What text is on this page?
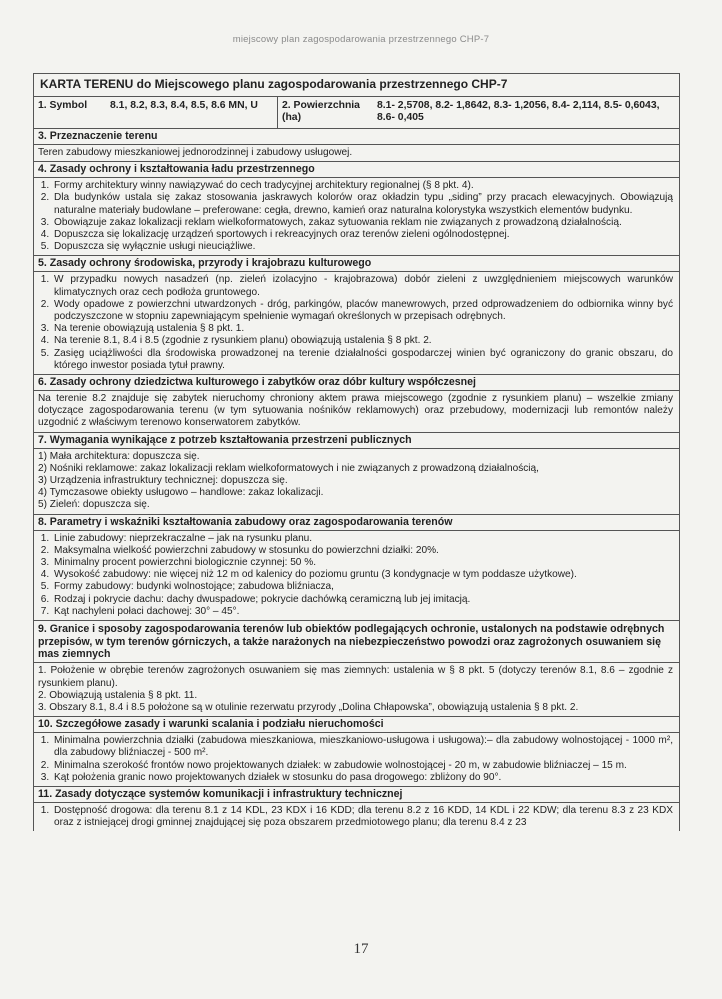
miejscowy plan zagospodarowania przestrzennego CHP-7
KARTA TERENU do Miejscowego planu zagospodarowania przestrzennego CHP-7
1. Symbol	8.1, 8.2, 8.3, 8.4, 8.5, 8.6 MN, U	2. Powierzchnia (ha)
8.1- 2,5708, 8.2- 1,8642, 8.3- 1,2056, 8.4- 2,114, 8.5- 0,6043, 8.6- 0,405
3. Przeznaczenie terenu
Teren zabudowy mieszkaniowej jednorodzinnej i zabudowy usługowej.
4. Zasady ochrony i kształtowania ładu przestrzennego
1. Formy architektury winny nawiązywać do cech tradycyjnej architektury regionalnej (§ 8 pkt. 4).
2. Dla budynków ustala się zakaz stosowania jaskrawych kolorów oraz okładzin typu „siding” przy pracach elewacyjnych. Obowiązują naturalne materiały budowlane – preferowane: cegła, drewno, kamień oraz naturalna kolorystyka wszystkich elementów budynku.
3. Obowiązuje zakaz lokalizacji reklam wielkoformatowych, zakaz sytuowania reklam nie związanych z prowadzoną działalnością.
4. Dopuszcza się lokalizację urządzeń sportowych i rekreacyjnych oraz terenów zieleni ogólnodostępnej.
5. Dopuszcza się wyłącznie usługi nieuciążliwe.
5. Zasady ochrony środowiska, przyrody i krajobrazu kulturowego
1. W przypadku nowych nasadzeń (np. zieleń izolacyjno - krajobrazowa) dobór zieleni z uwzględnieniem miejscowych warunków klimatycznych oraz cech podłoża gruntowego.
2. Wody opadowe z powierzchni utwardzonych - dróg, parkingów, placów manewrowych, przed odprowadzeniem do odbiornika winny być podczyszczone w stopniu zapewniającym spełnienie wymagań określonych w przepisach odrębnych.
3. Na terenie obowiązują ustalenia § 8 pkt. 1.
4. Na terenie 8.1, 8.4 i 8.5 (zgodnie z rysunkiem planu) obowiązują ustalenia § 8 pkt. 2.
5. Zasięg uciążliwości dla środowiska prowadzonej na terenie działalności gospodarczej winien być ograniczony do granic obszaru, do którego inwestor posiada tytuł prawny.
6. Zasady ochrony dziedzictwa kulturowego i zabytków oraz dóbr kultury współczesnej
Na terenie 8.2 znajduje się zabytek nieruchomy chroniony aktem prawa miejscowego (zgodnie z rysunkiem planu) – wszelkie zmiany dotyczące zagospodarowania terenu (w tym sytuowania nośników reklamowych) oraz przebudowy, modernizacji lub remontów należy uzgodnić z właściwym terenowo konserwatorem zabytków.
7. Wymagania wynikające z potrzeb kształtowania przestrzeni publicznych
1) Mała architektura: dopuszcza się.
2) Nośniki reklamowe: zakaz lokalizacji reklam wielkoformatowych i nie związanych z prowadzoną działalnością,
3) Urządzenia infrastruktury technicznej: dopuszcza się.
4) Tymczasowe obiekty usługowo – handlowe: zakaz lokalizacji.
5) Zieleń: dopuszcza się.
8. Parametry i wskaźniki kształtowania zabudowy oraz zagospodarowania terenów
1. Linie zabudowy: nieprzekraczalne – jak na rysunku planu.
2. Maksymalna wielkość powierzchni zabudowy w stosunku do powierzchni działki: 20%.
3. Minimalny procent powierzchni biologicznie czynnej: 50 %.
4. Wysokość zabudowy: nie więcej niż 12 m od kalenicy do poziomu gruntu (3 kondygnacje w tym poddasze użytkowe).
5. Formy zabudowy: budynki wolnostojące; zabudowa bliźniacza,
6. Rodzaj i pokrycie dachu: dachy dwuspadowe; pokrycie dachówką ceramiczną lub jej imitacją.
7. Kąt nachyleni połaci dachowej: 30° – 45°.
9. Granice i sposoby zagospodarowania terenów lub obiektów podlegających ochronie, ustalonych na podstawie odrębnych przepisów, w tym terenów górniczych, a także narażonych na niebezpieczeństwo powodzi oraz zagrożonych osuwaniem się mas ziemnych
1. Położenie w obrębie terenów zagrożonych osuwaniem się mas ziemnych: ustalenia w § 8 pkt. 5 (dotyczy terenów 8.1, 8.6 – zgodnie z rysunkiem planu).
2. Obowiązują ustalenia § 8 pkt. 11.
3. Obszary 8.1, 8.4 i 8.5 położone są w otulinie rezerwatu przyrody „Dolina Chłapowska”, obowiązują ustalenia § 8 pkt. 2.
10. Szczegółowe zasady i warunki scalania i podziału nieruchomości
1. Minimalna powierzchnia działki (zabudowa mieszkaniowa, mieszkaniowo-usługowa i usługowa):– dla zabudowy wolnostojącej - 1000 m², dla zabudowy bliźniaczej - 500 m².
2. Minimalna szerokość frontów nowo projektowanych działek: w zabudowie wolnostojącej - 20 m, w zabudowie bliźniaczej – 15 m.
3. Kąt położenia granic nowo projektowanych działek w stosunku do pasa drogowego: zbliżony do 90°.
11. Zasady dotyczące systemów komunikacji i infrastruktury technicznej
1. Dostępność drogowa: dla terenu 8.1 z 14 KDL, 23 KDX i 16 KDD; dla terenu 8.2 z 16 KDD, 14 KDL i 22 KDW; dla terenu 8.3 z 23 KDX oraz z istniejącej drogi gminnej znajdującej się poza obszarem przedmiotowego planu; dla terenu 8.4 z 23
17
